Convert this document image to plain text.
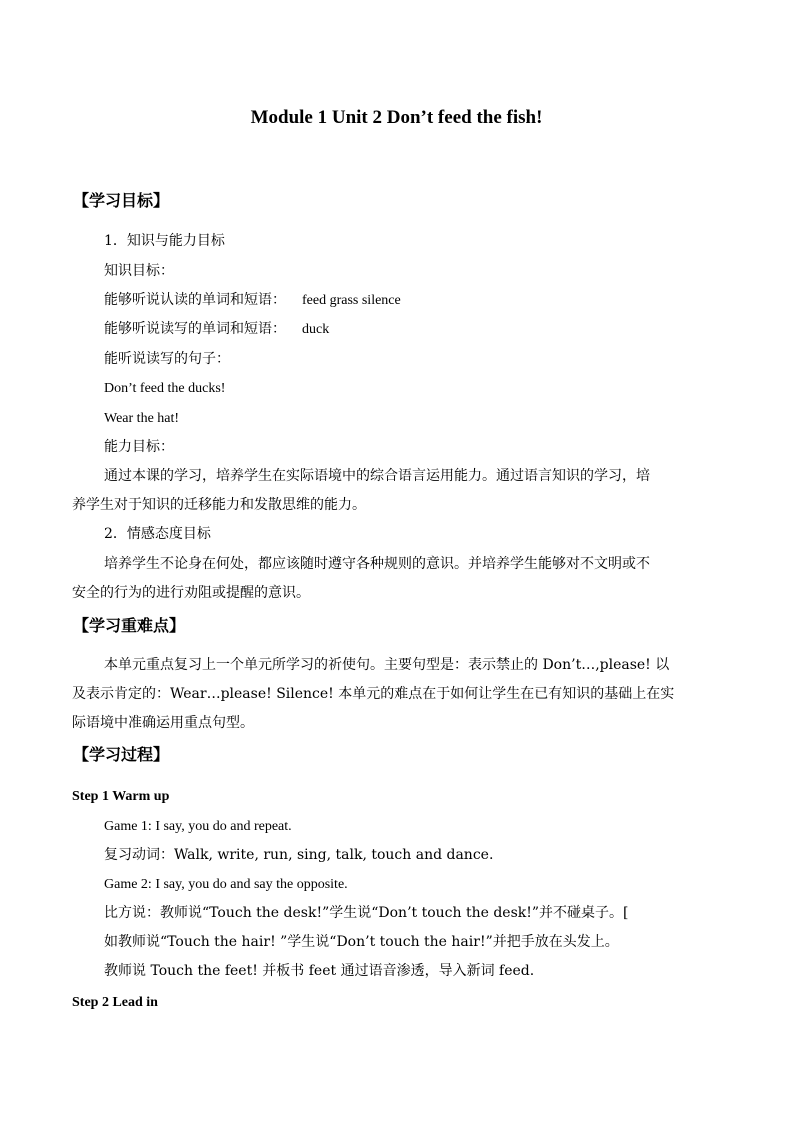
Module 1 Unit 2 Don’t feed the fish!
【学习目标】
1．知识与能力目标
知识目标：
能够听说认读的单词和短语： feed grass silence
能够听说读写的单词和短语： duck
能听说读写的句子：
Don’t feed the ducks!
Wear the hat!
能力目标：
通过本课的学习，培养学生在实际语境中的综合语言运用能力。通过语言知识的学习，培
养学生对于知识的迁移能力和发散思维的能力。
2．情感态度目标
培养学生不论身在何处，都应该随时遵守各种规则的意识。并培养学生能够对不文明或不
安全的行为的进行劝阻或提醒的意识。
【学习重难点】
本单元重点复习上一个单元所学习的祈使句。主要句型是：表示禁止的 Don’t…,please! 以
及表示肯定的：Wear…please! Silence! 本单元的难点在于如何让学生在已有知识的基础上在实
际语境中准确运用重点句型。
【学习过程】
Step 1 Warm up
Game 1: I say, you do and repeat.
复习动词：Walk, write, run, sing, talk, touch and dance.
Game 2: I say, you do and say the opposite.
比方说：教师说“Touch the desk!”学生说“Don’t touch the desk!”并不碰桌子。[
如教师说“Touch the hair! ”学生说“Don’t touch the hair!”并把手放在头发上。
教师说 Touch the feet! 并板书 feet 通过语音渗透，导入新词 feed.
Step 2 Lead in
